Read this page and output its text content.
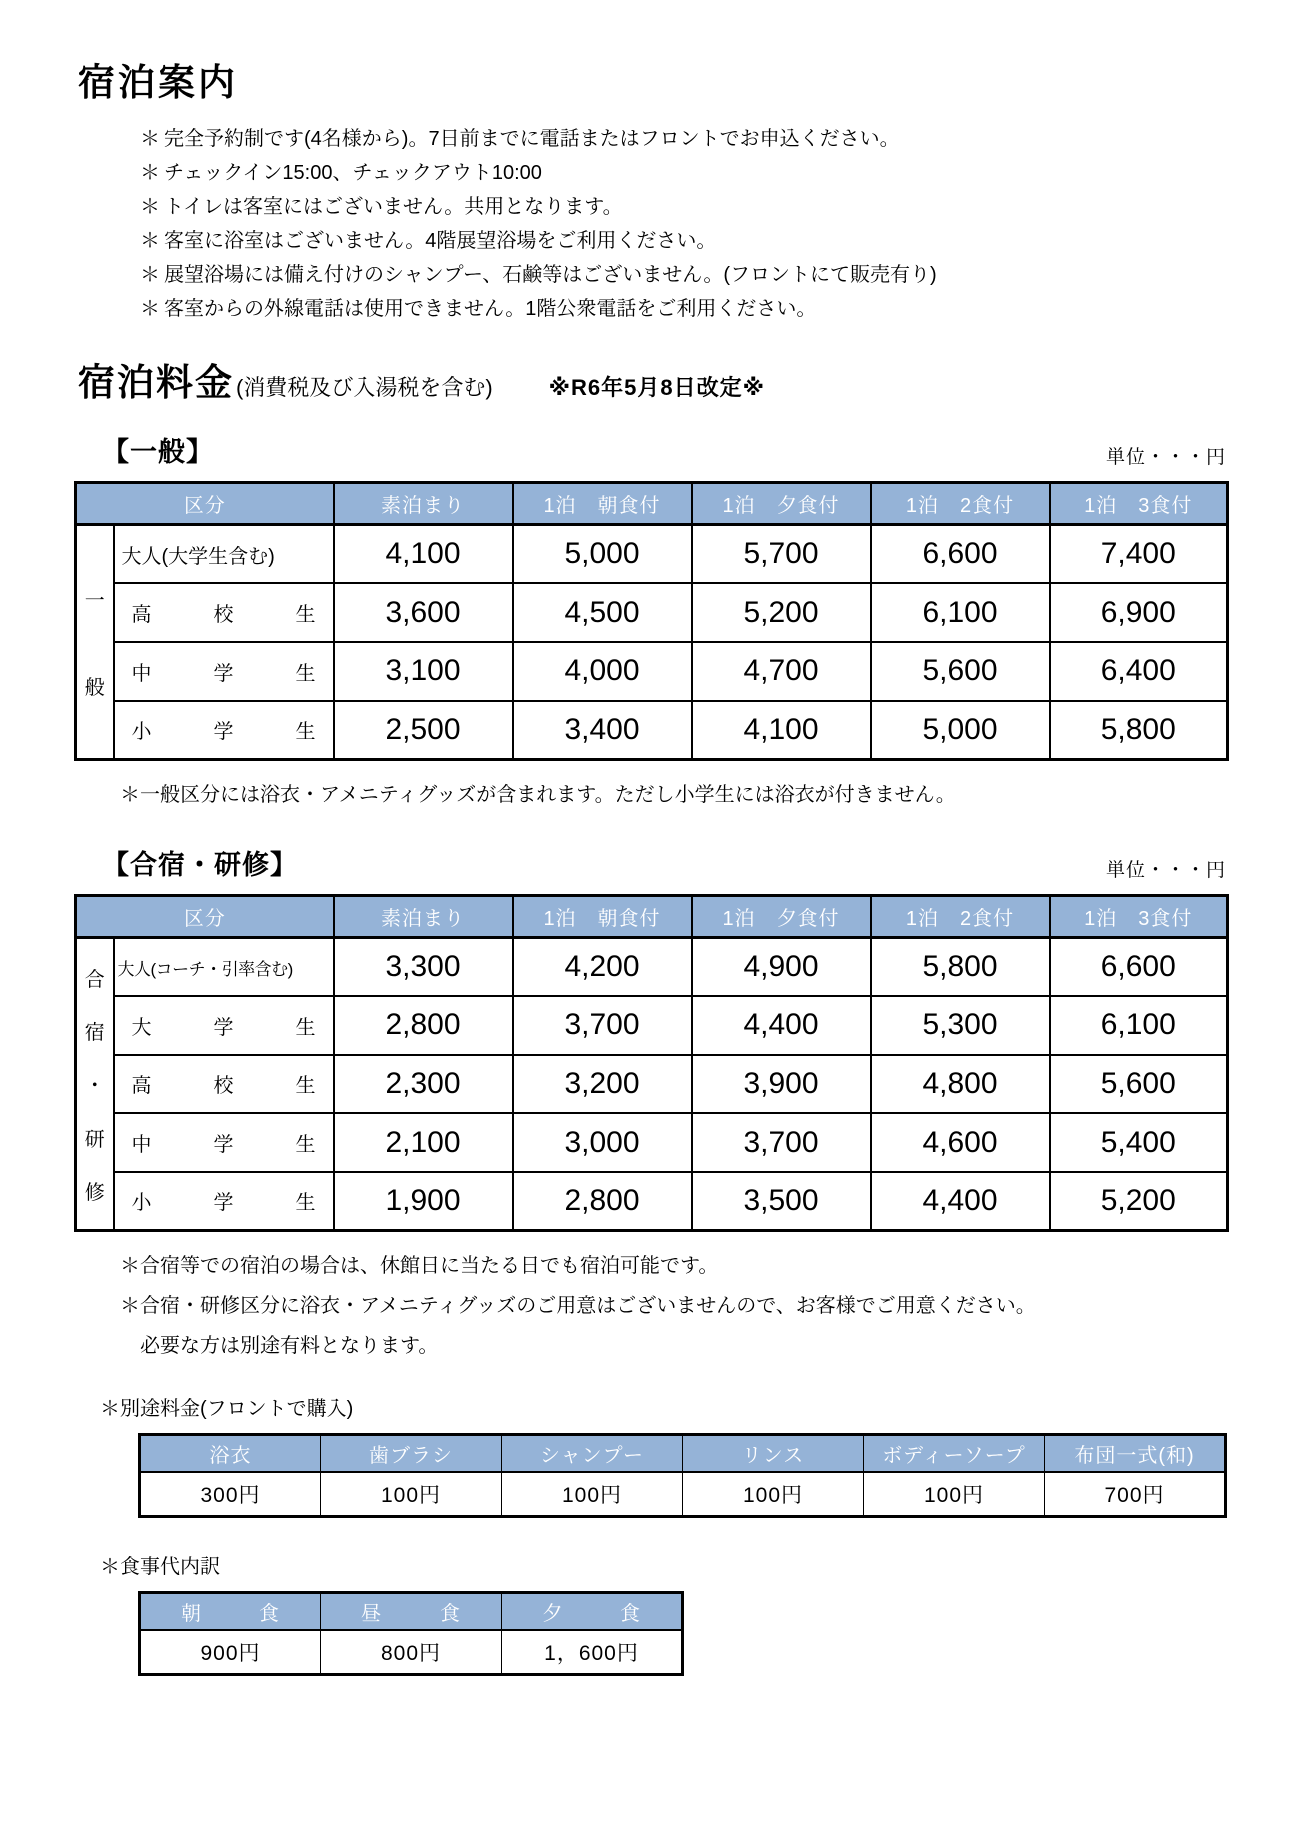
宿泊案内
＊ 完全予約制です(4名様から)。7日前までに電話またはフロントでお申込ください。
＊ チェックイン15:00、チェックアウト10:00
＊ トイレは客室にはございません。共用となります。
＊ 客室に浴室はございません。4階展望浴場をご利用ください。
＊ 展望浴場には備え付けのシャンプー、石鹸等はございません。(フロントにて販売有り)
＊ 客室からの外線電話は使用できません。1階公衆電話をご利用ください。
宿泊料金 (消費税及び入湯税を含む)	※R6年5月8日改定※
【一般】	単位・・・円
区分		素泊まり	1泊　朝食付	1泊　夕食付	1泊　2食付	1泊　3食付

一
般	大人(大学生含む)	4,100	5,000	5,700	6,600	7,400
	高　校　生	3,600	4,500	5,200	6,100	6,900
	中　学　生	3,100	4,000	4,700	5,600	6,400
	小　学　生	2,500	3,400	4,100	5,000	5,800
＊一般区分には浴衣・アメニティグッズが含まれます。ただし小学生には浴衣が付きません。
【合宿・研修】	単位・・・円
区分		素泊まり	1泊　朝食付	1泊　夕食付	1泊　2食付	1泊　3食付

合
宿
・
研
修	大人(コーチ・引率含む)	3,300	4,200	4,900	5,800	6,600
	大　学　生	2,800	3,700	4,400	5,300	6,100
	高　校　生	2,300	3,200	3,900	4,800	5,600
	中　学　生	2,100	3,000	3,700	4,600	5,400
	小　学　生	1,900	2,800	3,500	4,400	5,200
＊合宿等での宿泊の場合は、休館日に当たる日でも宿泊可能です。
＊合宿・研修区分に浴衣・アメニティグッズのご用意はございませんので、お客様でご用意ください。
　必要な方は別途有料となります。
＊別途料金(フロントで購入)
浴衣	歯ブラシ	シャンプー	リンス	ボディーソープ	布団一式(和)
300円	100円	100円	100円	100円	700円
＊食事代内訳
朝　食	昼　食	夕　食
900円	800円	1，600円
